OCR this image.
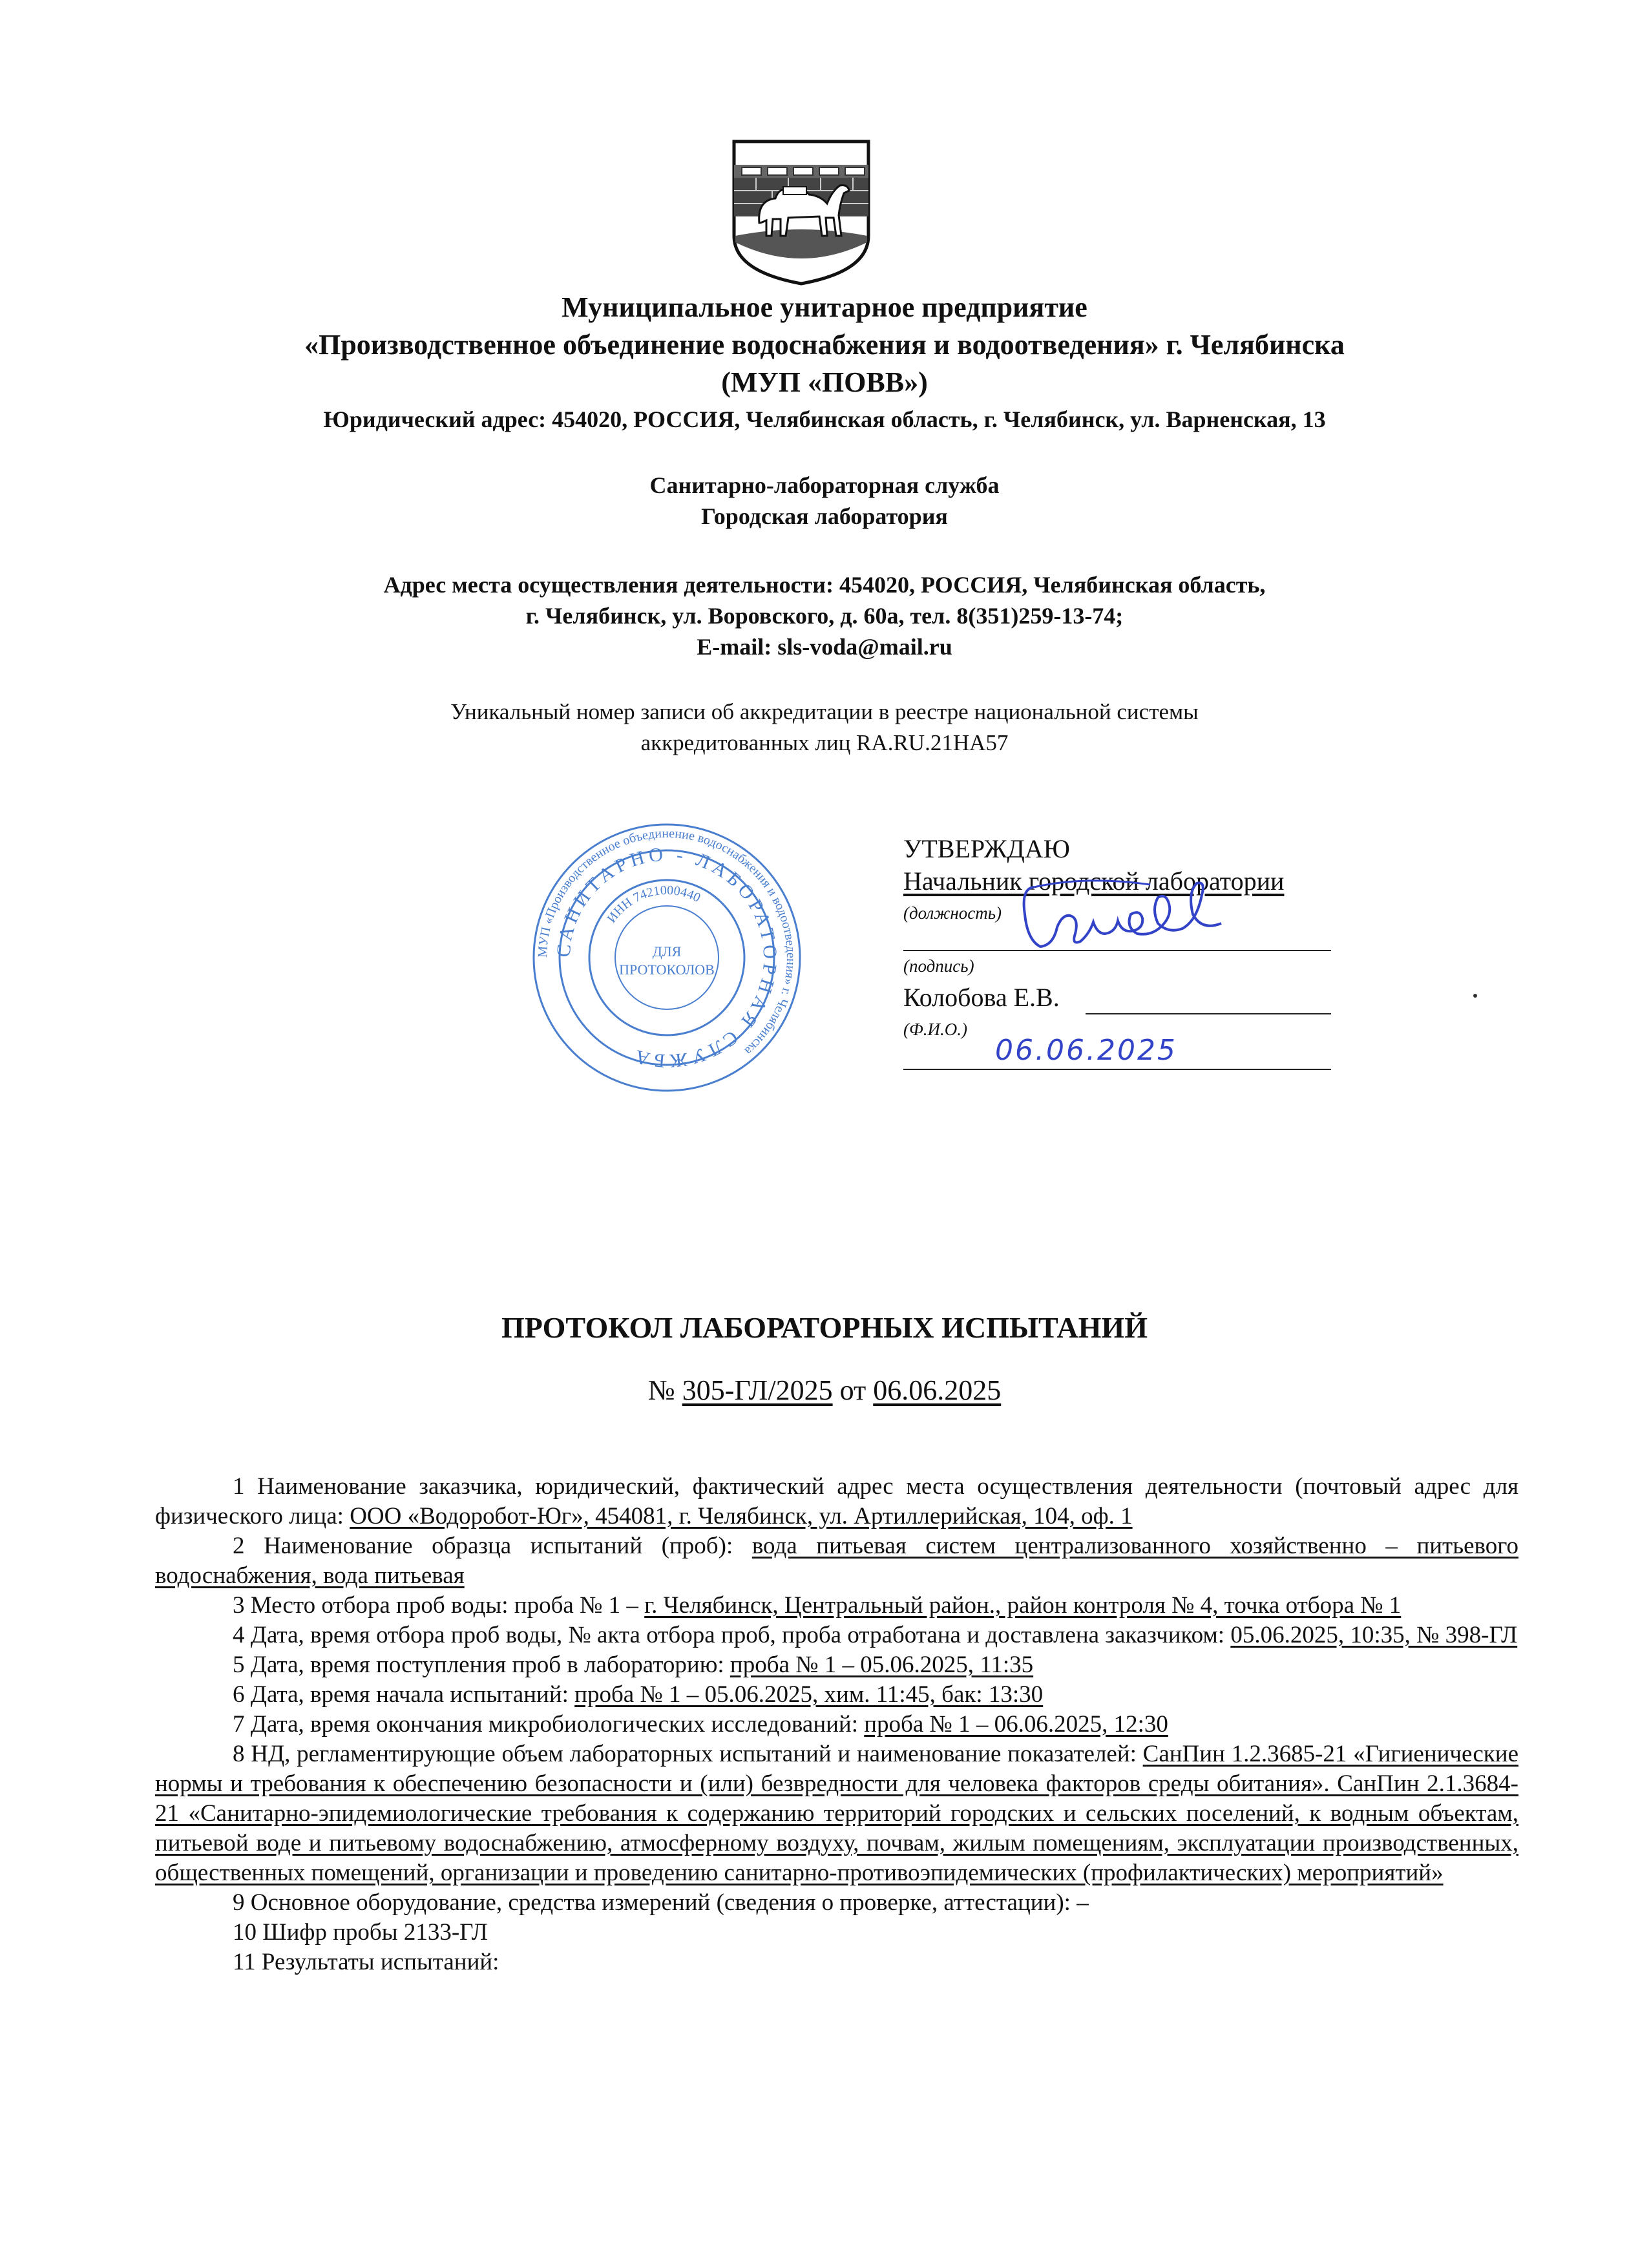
Муниципальное унитарное предприятие
«Производственное объединение водоснабжения и водоотведения» г. Челябинска
(МУП «ПОВВ»)
Юридический адрес: 454020, РОССИЯ, Челябинская область, г. Челябинск, ул. Варненская, 13
Санитарно-лабораторная служба
Городская лаборатория
Адрес места осуществления деятельности: 454020, РОССИЯ, Челябинская область,
г. Челябинск, ул. Воровского, д. 60а, тел. 8(351)259-13-74;
E-mail: sls-voda@mail.ru
Уникальный номер записи об аккредитации в реестре национальной системы
аккредитованных лиц RA.RU.21НА57
МУП «Производственное объединение водоснабжения и водоотведения» г. Челябинска
САНИТАРНО - ЛАБОРАТОРНАЯ СЛУЖБА
ИНН 7421000440
ДЛЯ
ПРОТОКОЛОВ
УТВЕРЖДАЮ
Начальник городской лаборатории
(должность)
(подпись)
Колобова Е.В.
(Ф.И.О.)
06.06.2025
ПРОТОКОЛ ЛАБОРАТОРНЫХ ИСПЫТАНИЙ
№ 305-ГЛ/2025 от 06.06.2025

1 Наименование заказчика, юридический, фактический адрес места осуществления деятельности (почтовый адрес для физического лица: ООО «Водоробот-Юг», 454081, г. Челябинск, ул. Артиллерийская, 104, оф. 1

2 Наименование образца испытаний (проб): вода питьевая систем централизованного хозяйственно – питьевого водоснабжения, вода питьевая

3 Место отбора проб воды: проба № 1 – г. Челябинск, Центральный район., район контроля № 4, точка отбора № 1

4 Дата, время отбора проб воды, № акта отбора проб, проба отработана и доставлена заказчиком: 05.06.2025, 10:35, № 398-ГЛ

5 Дата, время поступления проб в лабораторию: проба № 1 – 05.06.2025, 11:35

6 Дата, время начала испытаний: проба № 1 – 05.06.2025, хим. 11:45, бак: 13:30

7 Дата, время окончания микробиологических исследований: проба № 1 – 06.06.2025, 12:30

8 НД, регламентирующие объем лабораторных испытаний и наименование показателей: СанПин 1.2.3685-21 «Гигиенические нормы и требования к обеспечению безопасности и (или) безвредности для человека факторов среды обитания». СанПин 2.1.3684-21 «Санитарно-эпидемиологические требования к содержанию территорий городских и сельских поселений, к водным объектам, питьевой воде и питьевому водоснабжению, атмосферному воздуху, почвам, жилым помещениям, эксплуатации производственных, общественных помещений, организации и проведению санитарно-противоэпидемических (профилактических) мероприятий»

9 Основное оборудование, средства измерений (сведения о проверке, аттестации): –

10 Шифр пробы 2133-ГЛ

11 Результаты испытаний:
